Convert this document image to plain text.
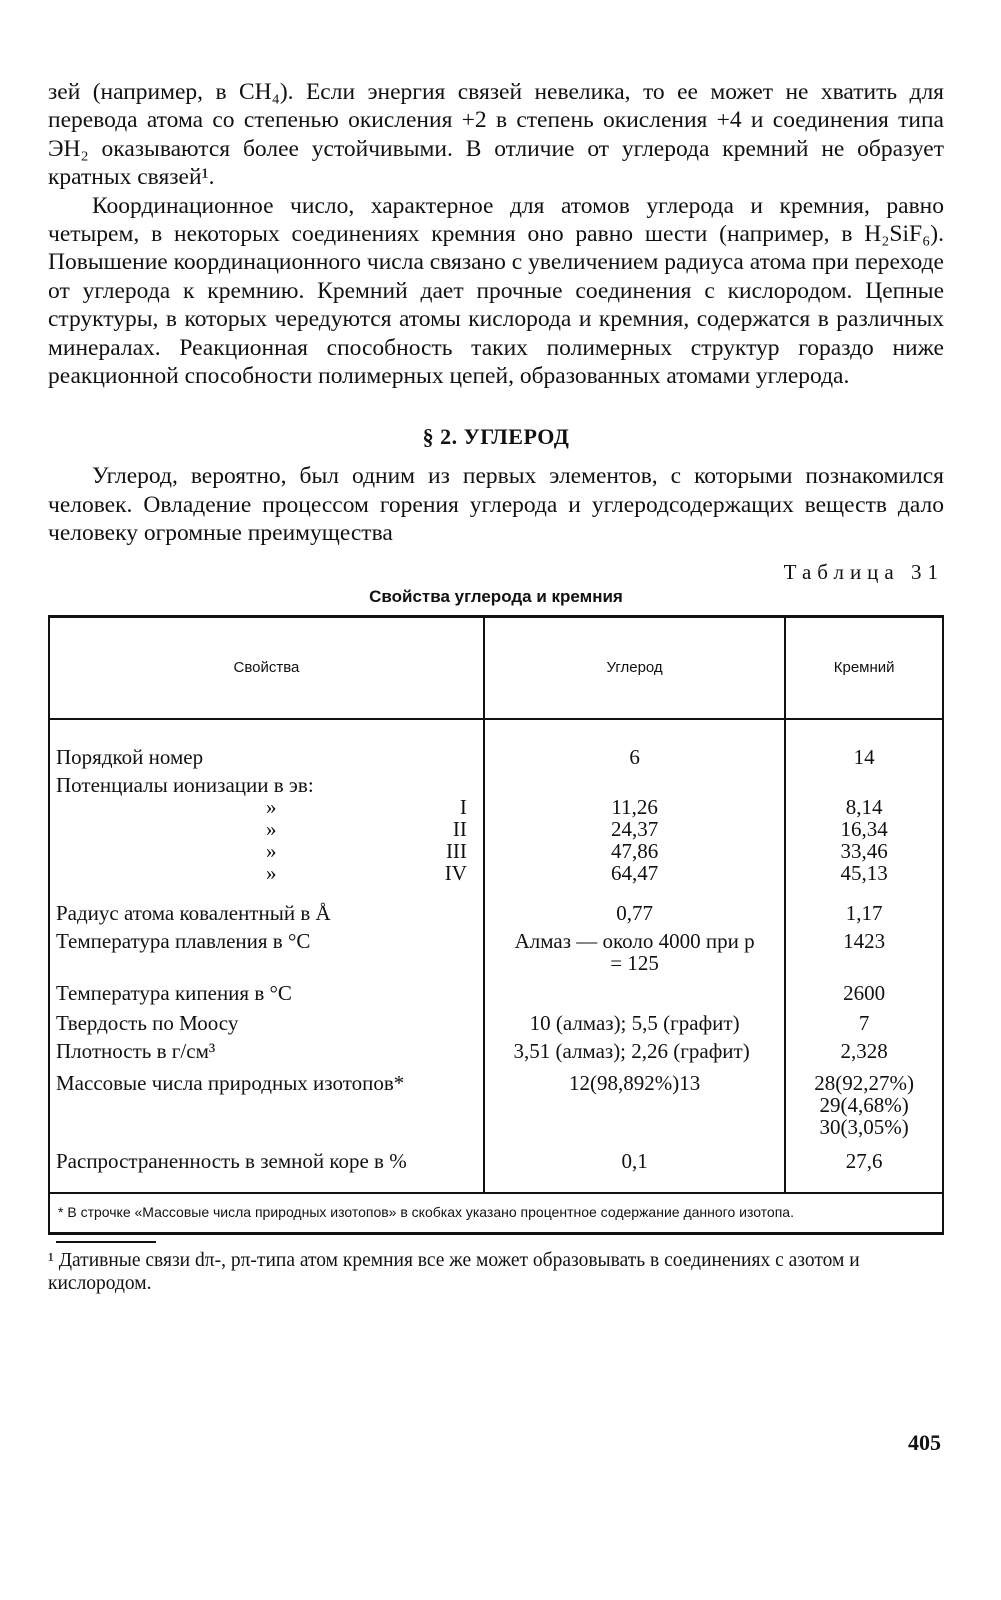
зей (например, в CH₄). Если энергия связей невелика, то ее может не хватить для перевода атома со степенью окисления +2 в степень окисления +4 и соединения типа ЭH₂ оказываются более устойчивыми. В отличие от углерода кремний не образует кратных связей¹.

Координационное число, характерное для атомов углерода и кремния, равно четырем, в некоторых соединениях кремния оно равно шести (например, в H₂SiF₆). Повышение координационного числа связано с увеличением радиуса атома при переходе от углерода к кремнию. Кремний дает прочные соединения с кислородом. Цепные структуры, в которых чередуются атомы кислорода и кремния, содержатся в различных минералах. Реакционная способность таких полимерных структур гораздо ниже реакционной способности полимерных цепей, образованных атомами углерода.

§ 2. УГЛЕРОД

Углерод, вероятно, был одним из первых элементов, с которыми познакомился человек. Овладение процессом горения углерода и углеродсодержащих веществ дало человеку огромные преимущества

Таблица 31
Свойства углерода и кремния
Свойства	Углерод	Кремний
Порядкой номер	6	14
Потенциалы ионизации в эв:		

» I	11,26	8,14

» II	24,37	16,34

» III	47,86	33,46

» IV	64,47	45,13
Радиус атома ковалентный в Å	0,77	1,17
Температура плавления в °С	Алмаз — около 4000 при p = 125	1423
Температура кипения в °С		2600
Твердость по Моосу	10 (алмаз); 5,5 (графит)	7
Плотность в г/см³	3,51 (алмаз); 2,26 (графит)	2,328
Массовые числа природных изотопов*	12(98,892%)13	28(92,27%) 29(4,68%) 30(3,05%)
Распространенность в земной коре в %	0,1	27,6
* В строчке «Массовые числа природных изотопов» в скобках указано процентное содержание данного изотопа.

¹ Дативные связи dπ-, pπ-типа атом кремния все же может образовывать в соединениях с азотом и кислородом.

405
